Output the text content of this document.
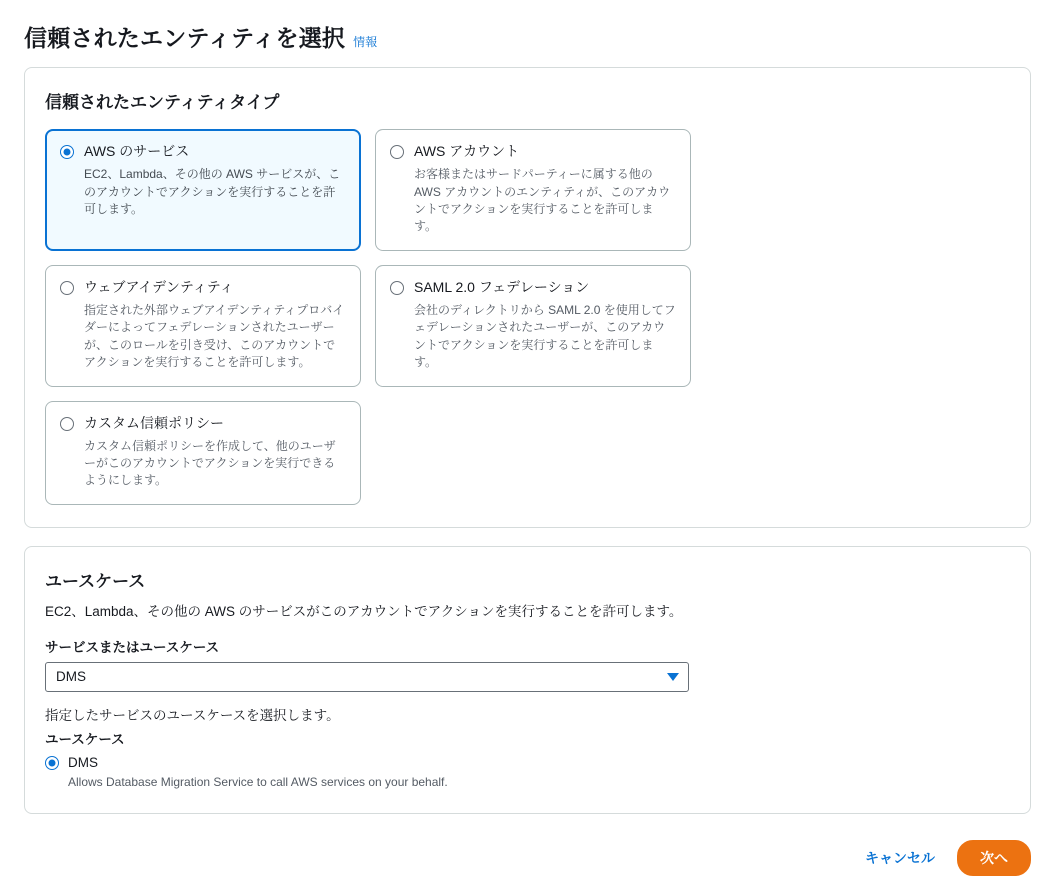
信頼されたエンティティを選択 情報
信頼されたエンティティタイプ
AWS のサービス
EC2、Lambda、その他の AWS サービスが、このアカウントでアクションを実行することを許可します。
AWS アカウント
お客様またはサードパーティーに属する他の AWS アカウントのエンティティが、このアカウントでアクションを実行することを許可します。
ウェブアイデンティティ
指定された外部ウェブアイデンティティプロバイダーによってフェデレーションされたユーザーが、このロールを引き受け、このアカウントでアクションを実行することを許可します。
SAML 2.0 フェデレーション
会社のディレクトリから SAML 2.0 を使用してフェデレーションされたユーザーが、このアカウントでアクションを実行することを許可します。
カスタム信頼ポリシー
カスタム信頼ポリシーを作成して、他のユーザーがこのアカウントでアクションを実行できるようにします。
ユースケース
EC2、Lambda、その他の AWS のサービスがこのアカウントでアクションを実行することを許可します。
サービスまたはユースケース
DMS
指定したサービスのユースケースを選択します。
ユースケース
DMS
Allows Database Migration Service to call AWS services on your behalf.
キャンセル	次へ
